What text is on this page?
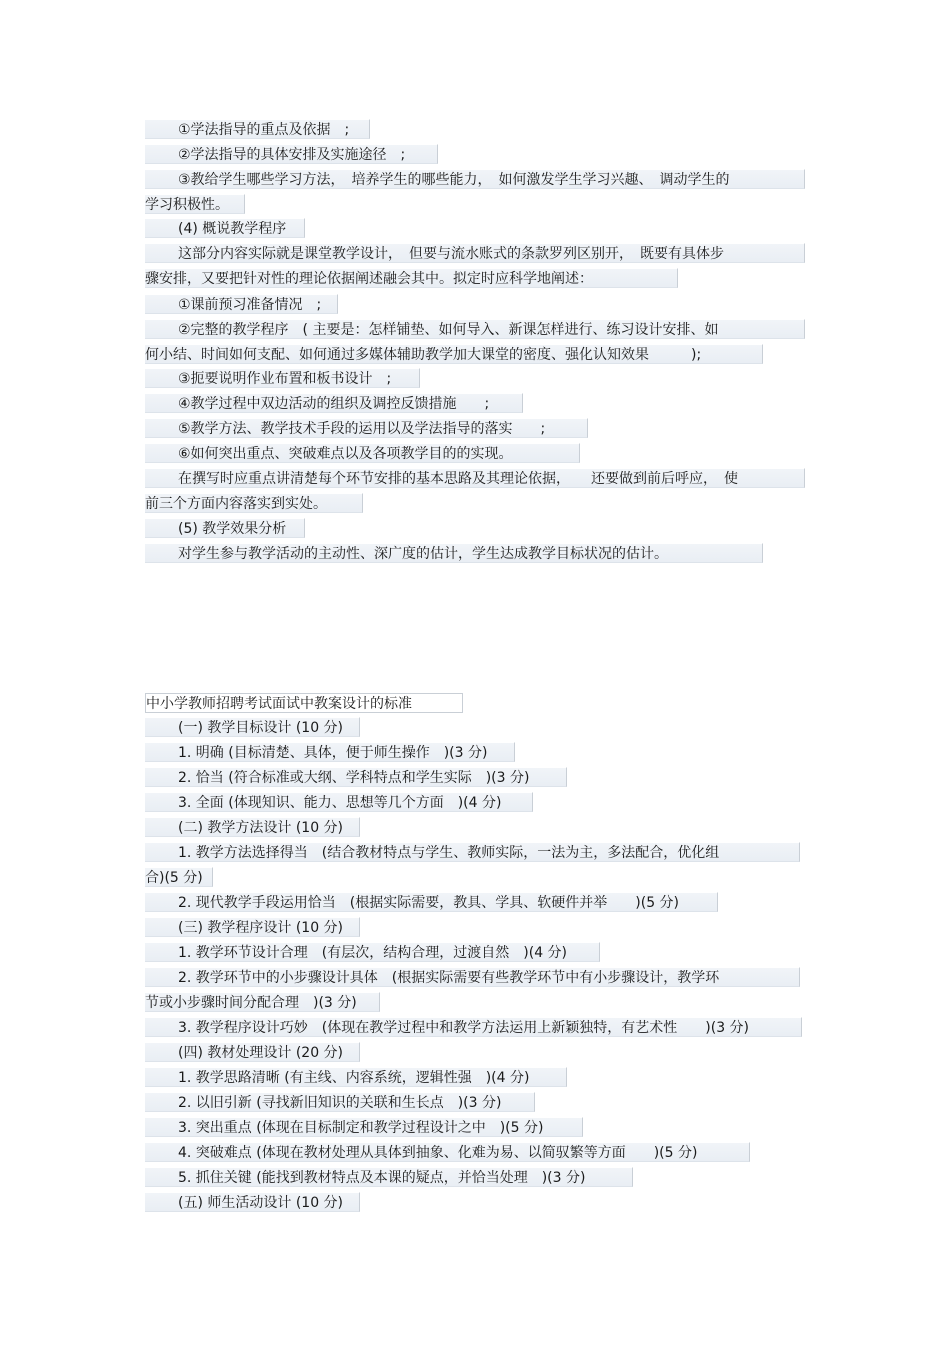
①学法指导的重点及依据　;
②学法指导的具体安排及实施途径　;
③教给学生哪些学习方法，　培养学生的哪些能力，　如何激发学生学习兴趣、　调动学生的
学习积极性。
(4) 概说教学程序
这部分内容实际就是课堂教学设计，　但要与流水账式的条款罗列区别开，　既要有具体步
骤安排，又要把针对性的理论依据阐述融会其中。拟定时应科学地阐述：
①课前预习准备情况　;
②完整的教学程序　( 主要是：怎样铺垫、如何导入、新课怎样进行、练习设计安排、如
何小结、时间如何支配、如何通过多媒体辅助教学加大课堂的密度、强化认知效果　　　);
③扼要说明作业布置和板书设计　;
④教学过程中双边活动的组织及调控反馈措施　　;
⑤教学方法、教学技术手段的运用以及学法指导的落实　　;
⑥如何突出重点、突破难点以及各项教学目的的实现。
在撰写时应重点讲清楚每个环节安排的基本思路及其理论依据，　　还要做到前后呼应，　使
前三个方面内容落实到实处。
(5) 教学效果分析
对学生参与教学活动的主动性、深广度的估计，学生达成教学目标状况的估计。
中小学教师招聘考试面试中教案设计的标准
(一) 教学目标设计 (10 分)
1. 明确 (目标清楚、具体，便于师生操作　)(3 分)
2. 恰当 (符合标准或大纲、学科特点和学生实际　)(3 分)
3. 全面 (体现知识、能力、思想等几个方面　)(4 分)
(二) 教学方法设计 (10 分)
1. 教学方法选择得当　(结合教材特点与学生、教师实际，一法为主，多法配合，优化组
合)(5 分)
2. 现代教学手段运用恰当　(根据实际需要，教具、学具、软硬件并举　　)(5 分)
(三) 教学程序设计 (10 分)
1. 教学环节设计合理　(有层次，结构合理，过渡自然　)(4 分)
2. 教学环节中的小步骤设计具体　(根据实际需要有些教学环节中有小步骤设计，教学环
节或小步骤时间分配合理　)(3 分)
3. 教学程序设计巧妙　(体现在教学过程中和教学方法运用上新颖独特，有艺术性　　)(3 分)
(四) 教材处理设计 (20 分)
1. 教学思路清晰 (有主线、内容系统，逻辑性强　)(4 分)
2. 以旧引新 (寻找新旧知识的关联和生长点　)(3 分)
3. 突出重点 (体现在目标制定和教学过程设计之中　)(5 分)
4. 突破难点 (体现在教材处理从具体到抽象、化难为易、以简驭繁等方面　　)(5 分)
5. 抓住关键 (能找到教材特点及本课的疑点，并恰当处理　)(3 分)
(五) 师生活动设计 (10 分)
